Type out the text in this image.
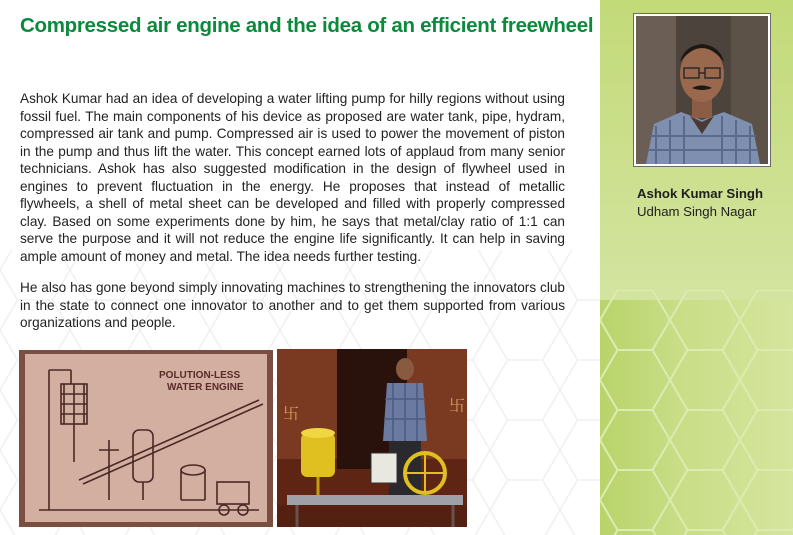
Compressed air engine and the idea of an efficient freewheel

Ashok Kumar had an idea of developing a water lifting pump for hilly regions without using fossil fuel. The main components of his device as proposed are water tank, pipe, hydram, compressed air tank and pump. Compressed air is used to power the movement of piston in the pump and thus lift the water. This concept earned lots of applaud from many senior technicians. Ashok has also suggested modification in the design of flywheel used in engines to prevent fluctuation in the energy. He proposes that instead of metallic flywheels, a shell of metal sheet can be developed and filled with properly compressed clay. Based on some experiments done by him, he says that metal/clay ratio of 1:1 can serve the purpose and it will not reduce the engine life significantly. It can help in saving ample amount of money and metal. The idea needs further testing.

He also has gone beyond simply innovating machines to strengthening the innovators club in the state to connect one innovator to another and to get them supported from various organizations and people.

Ashok Kumar Singh
Udham Singh Nagar
POLUTION-LESS
WATER ENGINE
卐	卐
